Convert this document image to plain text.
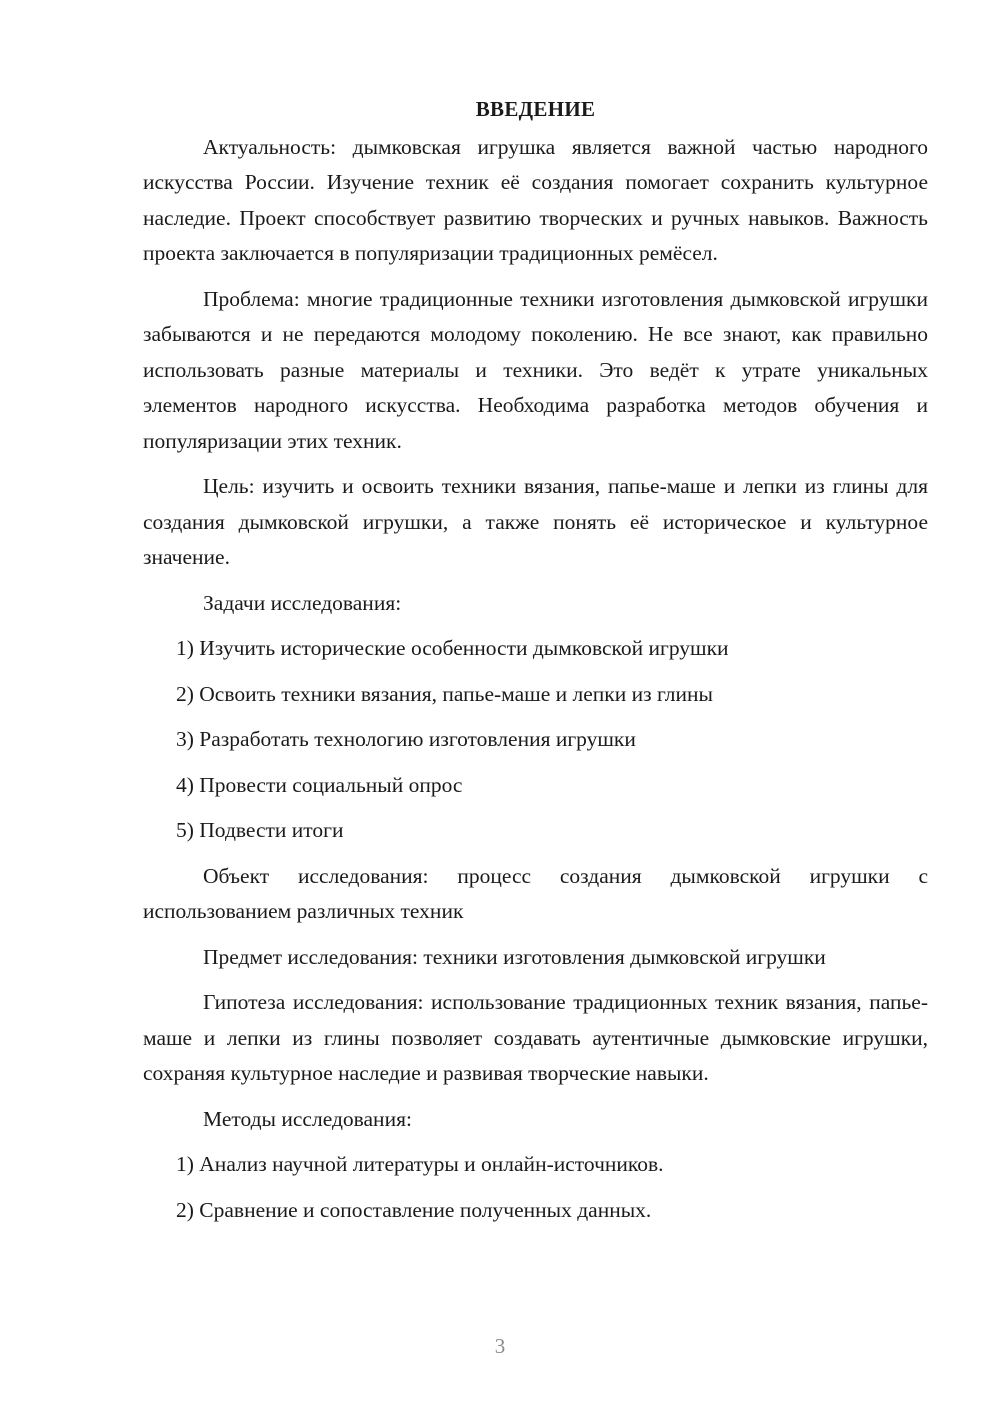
ВВЕДЕНИЕ

Актуальность: дымковская игрушка является важной частью народного искусства России. Изучение техник её создания помогает сохранить культурное наследие. Проект способствует развитию творческих и ручных навыков. Важность проекта заключается в популяризации традиционных ремёсел.

Проблема: многие традиционные техники изготовления дымковской игрушки забываются и не передаются молодому поколению. Не все знают, как правильно использовать разные материалы и техники. Это ведёт к утрате уникальных элементов народного искусства. Необходима разработка методов обучения и популяризации этих техник.

Цель: изучить и освоить техники вязания, папье-маше и лепки из глины для создания дымковской игрушки, а также понять её историческое и культурное значение.

Задачи исследования:

1) Изучить исторические особенности дымковской игрушки
2) Освоить техники вязания, папье-маше и лепки из глины
3) Разработать технологию изготовления игрушки
4) Провести социальный опрос
5) Подвести итоги

Объект исследования: процесс создания дымковской игрушки с использованием различных техник

Предмет исследования: техники изготовления дымковской игрушки

Гипотеза исследования: использование традиционных техник вязания, папье-маше и лепки из глины позволяет создавать аутентичные дымковские игрушки, сохраняя культурное наследие и развивая творческие навыки.

Методы исследования:

1) Анализ научной литературы и онлайн-источников.
2) Сравнение и сопоставление полученных данных.
3
